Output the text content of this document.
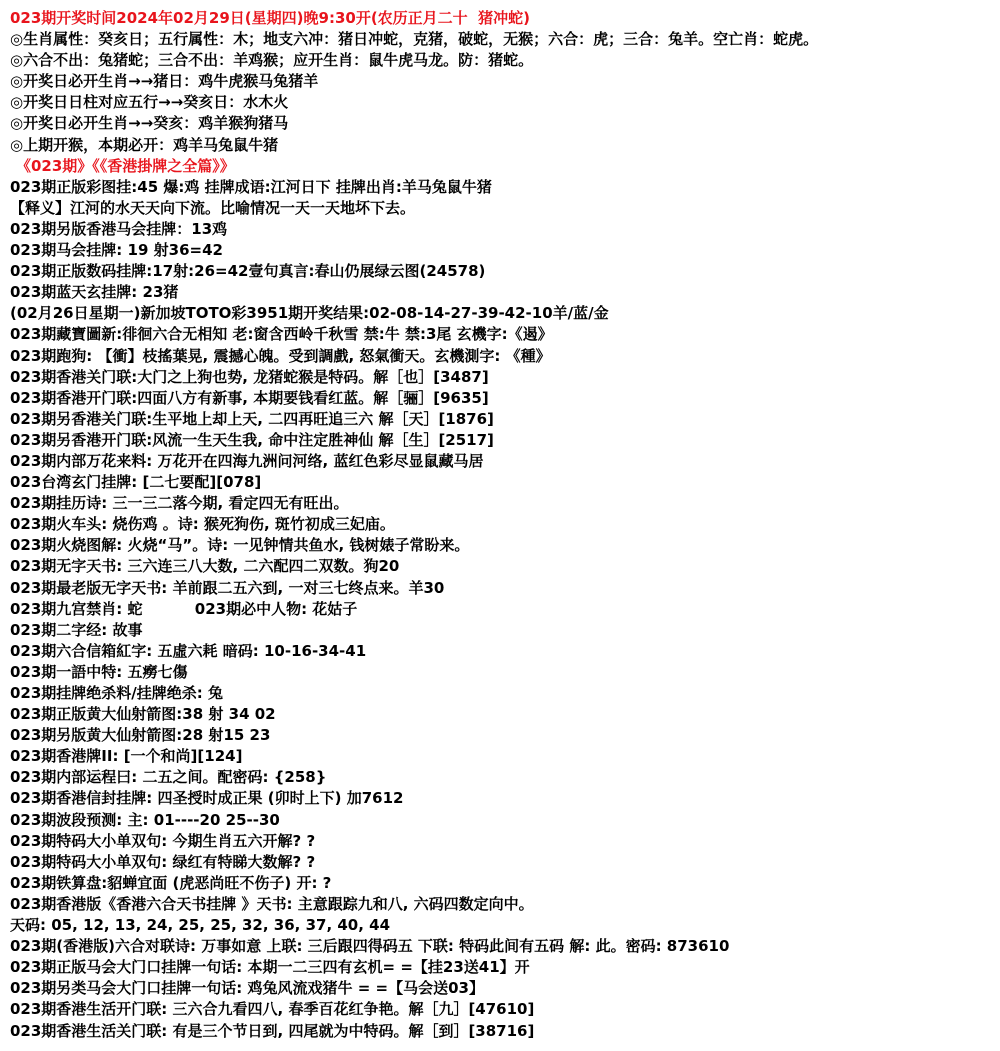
023期开奖时间2024年02月29日(星期四)晚9:30开(农历正月二十  猪冲蛇)
◎生肖属性：癸亥日；五行属性：木；地支六冲：猪日冲蛇，克猪，破蛇，无猴；六合：虎；三合：兔羊。空亡肖：蛇虎。
◎六合不出：兔猪蛇；三合不出：羊鸡猴；应开生肖：鼠牛虎马龙。防：猪蛇。
◎开奖日必开生肖→→猪日：鸡牛虎猴马兔猪羊
◎开奖日日柱对应五行→→癸亥日：水木火
◎开奖日必开生肖→→癸亥：鸡羊猴狗猪马
◎上期开猴，本期必开：鸡羊马兔鼠牛猪
《023期》《《香港掛牌之全篇》》
023期正版彩图挂:45 爆:鸡 挂牌成语:江河日下 挂牌出肖:羊马兔鼠牛猪
【释义】江河的水天天向下流。比喻情况一天一天地坏下去。
023期另版香港马会挂牌：13鸡
023期马会挂牌: 19 射36=42
023期正版数码挂牌:17射:26=42壹句真言:春山仍展绿云图(24578)
023期蓝天玄挂牌: 23猪
(02月26日星期一)新加坡TOTO彩3951期开奖结果:02-08-14-27-39-42-10羊/蓝/金
023期藏寶圖新:徘徊六合无相知 老:窗含西岭千秋雪 禁:牛 禁:3尾 玄機字:《遏》
023期跑狗: 【衝】枝搖葉晃, 震撼心魄。受到調戲, 怒氣衝天。玄機測字: 《種》
023期香港关门联:大门之上狗也势, 龙猪蛇猴是特码。解［也］[3487]
023期香港开门联:四面八方有新事, 本期要钱看红蓝。解［骊］[9635]
023期另香港关门联:生平地上却上天, 二四再旺追三六 解［天］[1876]
023期另香港开门联:风流一生天生我, 命中注定胜神仙 解［生］[2517]
023期内部万花来料: 万花开在四海九洲问河络, 蓝红色彩尽显鼠藏马居
023台湾玄门挂牌: [二七要配][078]
023期挂历诗: 三一三二落今期, 看定四无有旺出。
023期火车头: 烧伤鸡 。诗: 猴死狗伤, 斑竹初成三妃庙。
023期火烧图解: 火烧“马”。诗: 一见钟情共鱼水, 钱树婊子常盼来。
023期无字天书: 三六连三八大数, 二六配四二双数。狗20
023期最老版无字天书: 羊前跟二五六到, 一对三七终点来。羊30
023期九宫禁肖: 蛇          023期必中人物: 花姑子
023期二字经: 故事
023期六合信箱紅字: 五虛六耗 暗码: 10-16-34-41
023期一語中特: 五癆七傷
023期挂牌绝杀料/挂牌绝杀: 兔
023期正版黄大仙射箭图:38 射 34 02
023期另版黄大仙射箭图:28 射15 23
023期香港牌II: [一个和尚][124]
023期内部运程曰: 二五之间。配密码: {258}
023期香港信封挂牌: 四圣授时成正果 (卯时上下) 加7612
023期波段预测: 主: 01----20 25--30
023期特码大小单双句: 今期生肖五六开解? ?
023期特码大小单双句: 绿红有特睇大数解? ?
023期铁算盘:貂蝉宜面 (虎恶尚旺不伤子) 开: ?
023期香港版《香港六合天书挂牌 》天书: 主意跟踪九和八, 六码四数定向中。
天码: 05, 12, 13, 24, 25, 25, 32, 36, 37, 40, 44
023期(香港版)六合对联诗: 万事如意 上联: 三后跟四得码五 下联: 特码此间有五码 解: 此。密码: 873610
023期正版马会大门口挂牌一句话: 本期一二三四有玄机= =【挂23送41】开
023期另类马会大门口挂牌一句话: 鸡兔风流戏猪牛 = =【马会送03】
023期香港生活开门联: 三六合九看四八, 春季百花红争艳。解［九］[47610]
023期香港生活关门联: 有是三个节日到, 四尾就为中特码。解［到］[38716]
